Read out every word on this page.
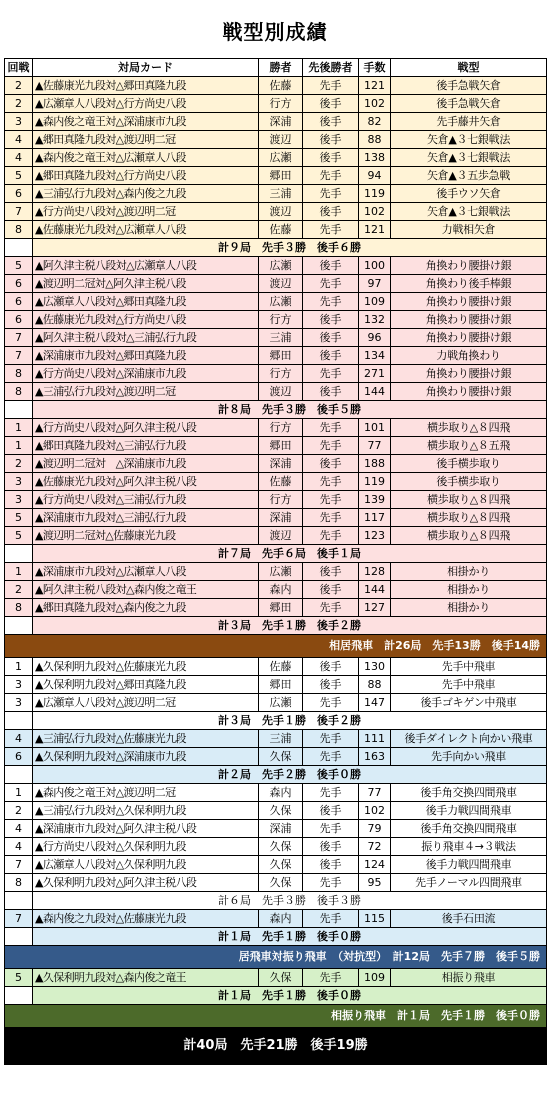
戦型別成績
回戦	対局カード	勝者	先後勝者	手数	戦型
2	▲佐藤康光九段対△郷田真隆九段	佐藤	先手	121	後手急戦矢倉
2	▲広瀬章人八段対△行方尚史八段	行方	後手	102	後手急戦矢倉
3	▲森内俊之竜王対△深浦康市九段	深浦	後手	82	先手藤井矢倉
4	▲郷田真隆九段対△渡辺明二冠	渡辺	後手	88	矢倉▲３七銀戦法
4	▲森内俊之竜王対△広瀬章人八段	広瀬	後手	138	矢倉▲３七銀戦法
5	▲郷田真隆九段対△行方尚史八段	郷田	先手	94	矢倉▲３五歩急戦
6	▲三浦弘行九段対△森内俊之九段	三浦	先手	119	後手ウソ矢倉
7	▲行方尚史八段対△渡辺明二冠	渡辺	後手	102	矢倉▲３七銀戦法
8	▲佐藤康光九段対△広瀬章人八段	佐藤	先手	121	力戦相矢倉
	計９局　先手３勝　後手６勝				
5	▲阿久津主税八段対△広瀬章人八段	広瀬	後手	100	角換わり腰掛け銀
6	▲渡辺明二冠対△阿久津主税八段	渡辺	先手	97	角換わり後手棒銀
6	▲広瀬章人八段対△郷田真隆九段	広瀬	先手	109	角換わり腰掛け銀
6	▲佐藤康光九段対△行方尚史八段	行方	後手	132	角換わり腰掛け銀
7	▲阿久津主税八段対△三浦弘行九段	三浦	後手	96	角換わり腰掛け銀
7	▲深浦康市九段対△郷田真隆九段	郷田	後手	134	力戦角換わり
8	▲行方尚史八段対△深浦康市九段	行方	先手	271	角換わり腰掛け銀
8	▲三浦弘行九段対△渡辺明二冠	渡辺	後手	144	角換わり腰掛け銀
	計８局　先手３勝　後手５勝				
1	▲行方尚史八段対△阿久津主税八段	行方	先手	101	横歩取り△８四飛
1	▲郷田真隆九段対△三浦弘行九段	郷田	先手	77	横歩取り△８五飛
2	▲渡辺明二冠対　△深浦康市九段	深浦	後手	188	後手横歩取り
3	▲佐藤康光九段対△阿久津主税八段	佐藤	先手	119	後手横歩取り
3	▲行方尚史八段対△三浦弘行九段	行方	先手	139	横歩取り△８四飛
5	▲深浦康市九段対△三浦弘行九段	深浦	先手	117	横歩取り△８四飛
5	▲渡辺明二冠対△佐藤康光九段	渡辺	先手	123	横歩取り△８四飛
	計７局　先手６局　後手１局				
1	▲深浦康市九段対△広瀬章人八段	広瀬	後手	128	相掛かり
2	▲阿久津主税八段対△森内俊之竜王	森内	後手	144	相掛かり
8	▲郷田真隆九段対△森内俊之九段	郷田	先手	127	相掛かり
	計３局　先手１勝　後手２勝				
相居飛車　計26局　先手13勝　後手14勝					
1	▲久保利明九段対△佐藤康光九段	佐藤	後手	130	先手中飛車
3	▲久保利明九段対△郷田真隆九段	郷田	後手	88	先手中飛車
3	▲広瀬章人八段対△渡辺明二冠	広瀬	先手	147	後手ゴキゲン中飛車
	計３局　先手１勝　後手２勝				
4	▲三浦弘行九段対△佐藤康光九段	三浦	先手	111	後手ダイレクト向かい飛車
6	▲久保利明九段対△深浦康市九段	久保	先手	163	先手向かい飛車
	計２局　先手２勝　後手０勝				
1	▲森内俊之竜王対△渡辺明二冠	森内	先手	77	後手角交換四間飛車
2	▲三浦弘行九段対△久保利明九段	久保	後手	102	後手力戦四間飛車
4	▲深浦康市九段対△阿久津主税八段	深浦	先手	79	後手角交換四間飛車
4	▲行方尚史八段対△久保利明九段	久保	後手	72	振り飛車４→３戦法
7	▲広瀬章人八段対△久保利明九段	久保	後手	124	後手力戦四間飛車
8	▲久保利明九段対△阿久津主税八段	久保	先手	95	先手ノーマル四間飛車
	計６局　先手３勝　後手３勝				
7	▲森内俊之九段対△佐藤康光九段	森内	先手	115	後手石田流
	計１局　先手１勝　後手０勝				
居飛車対振り飛車　（対抗型）　計12局　先手７勝　後手５勝					
5	▲久保利明九段対△森内俊之竜王	久保	先手	109	相振り飛車
	計１局　先手１勝　後手０勝				
相振り飛車　計１局　先手１勝　後手０勝					
計40局　先手21勝　後手19勝					
